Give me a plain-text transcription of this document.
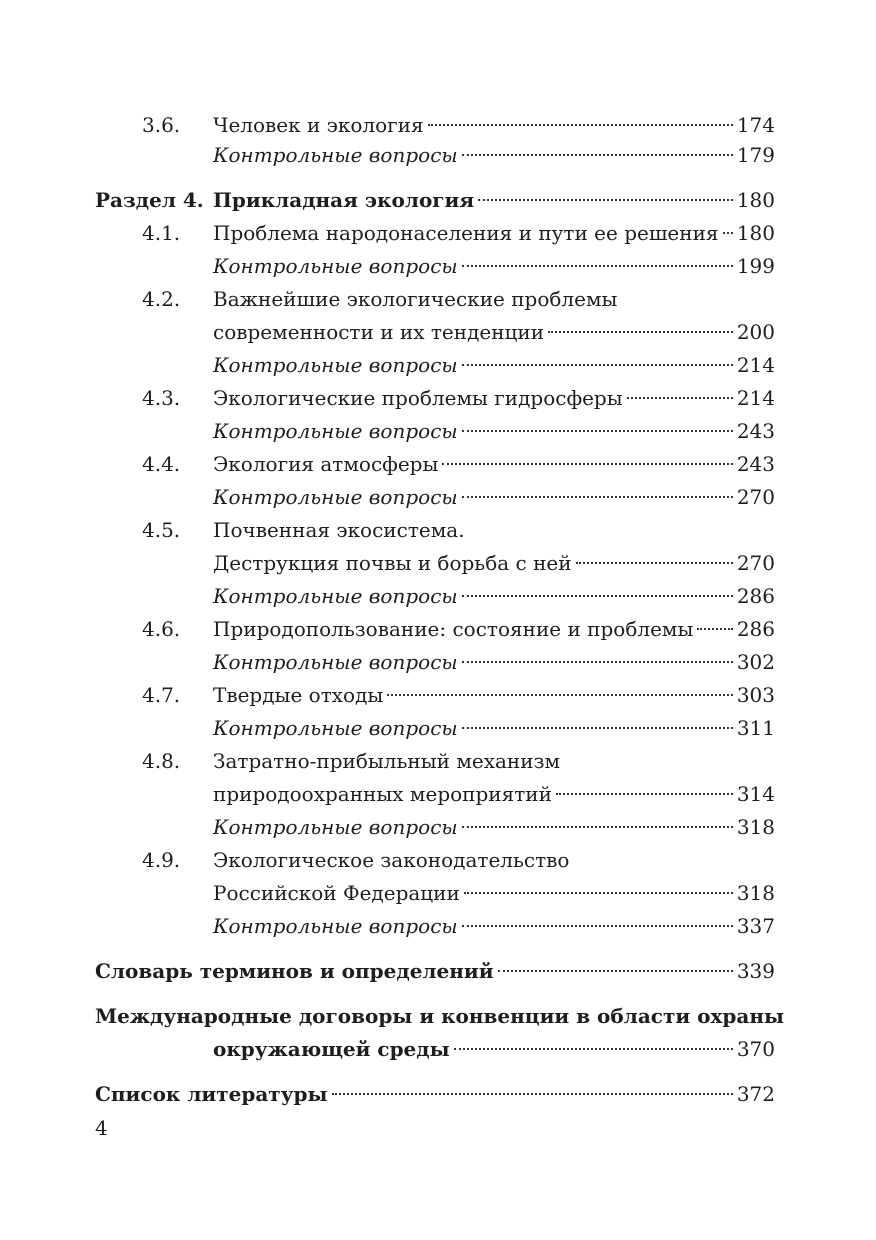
3.6. Человек и экология	174
Контрольные вопросы	179
Раздел 4. Прикладная экология	180
4.1. Проблема народонаселения и пути ее решения 180
Контрольные вопросы	199
4.2. Важнейшие экологические проблемы
современности и их тенденции	200
Контрольные вопросы	214
4.3. Экологические проблемы гидросферы	214
Контрольные вопросы	243
4.4. Экология атмосферы	243
Контрольные вопросы	270
4.5. Почвенная экосистема.
Деструкция почвы и борьба с ней	270
Контрольные вопросы	286
4.6. Природопользование: состояние и проблемы 286
Контрольные вопросы	302
4.7. Твердые отходы	303
Контрольные вопросы	311
4.8. Затратно-прибыльный механизм
природоохранных мероприятий	314
Контрольные вопросы	318
4.9. Экологическое законодательство
Российской Федерации	318
Контрольные вопросы	337
Словарь терминов и определений	339
Международные договоры и конвенции в области охраны
окружающей среды	370
Список литературы	372
4
